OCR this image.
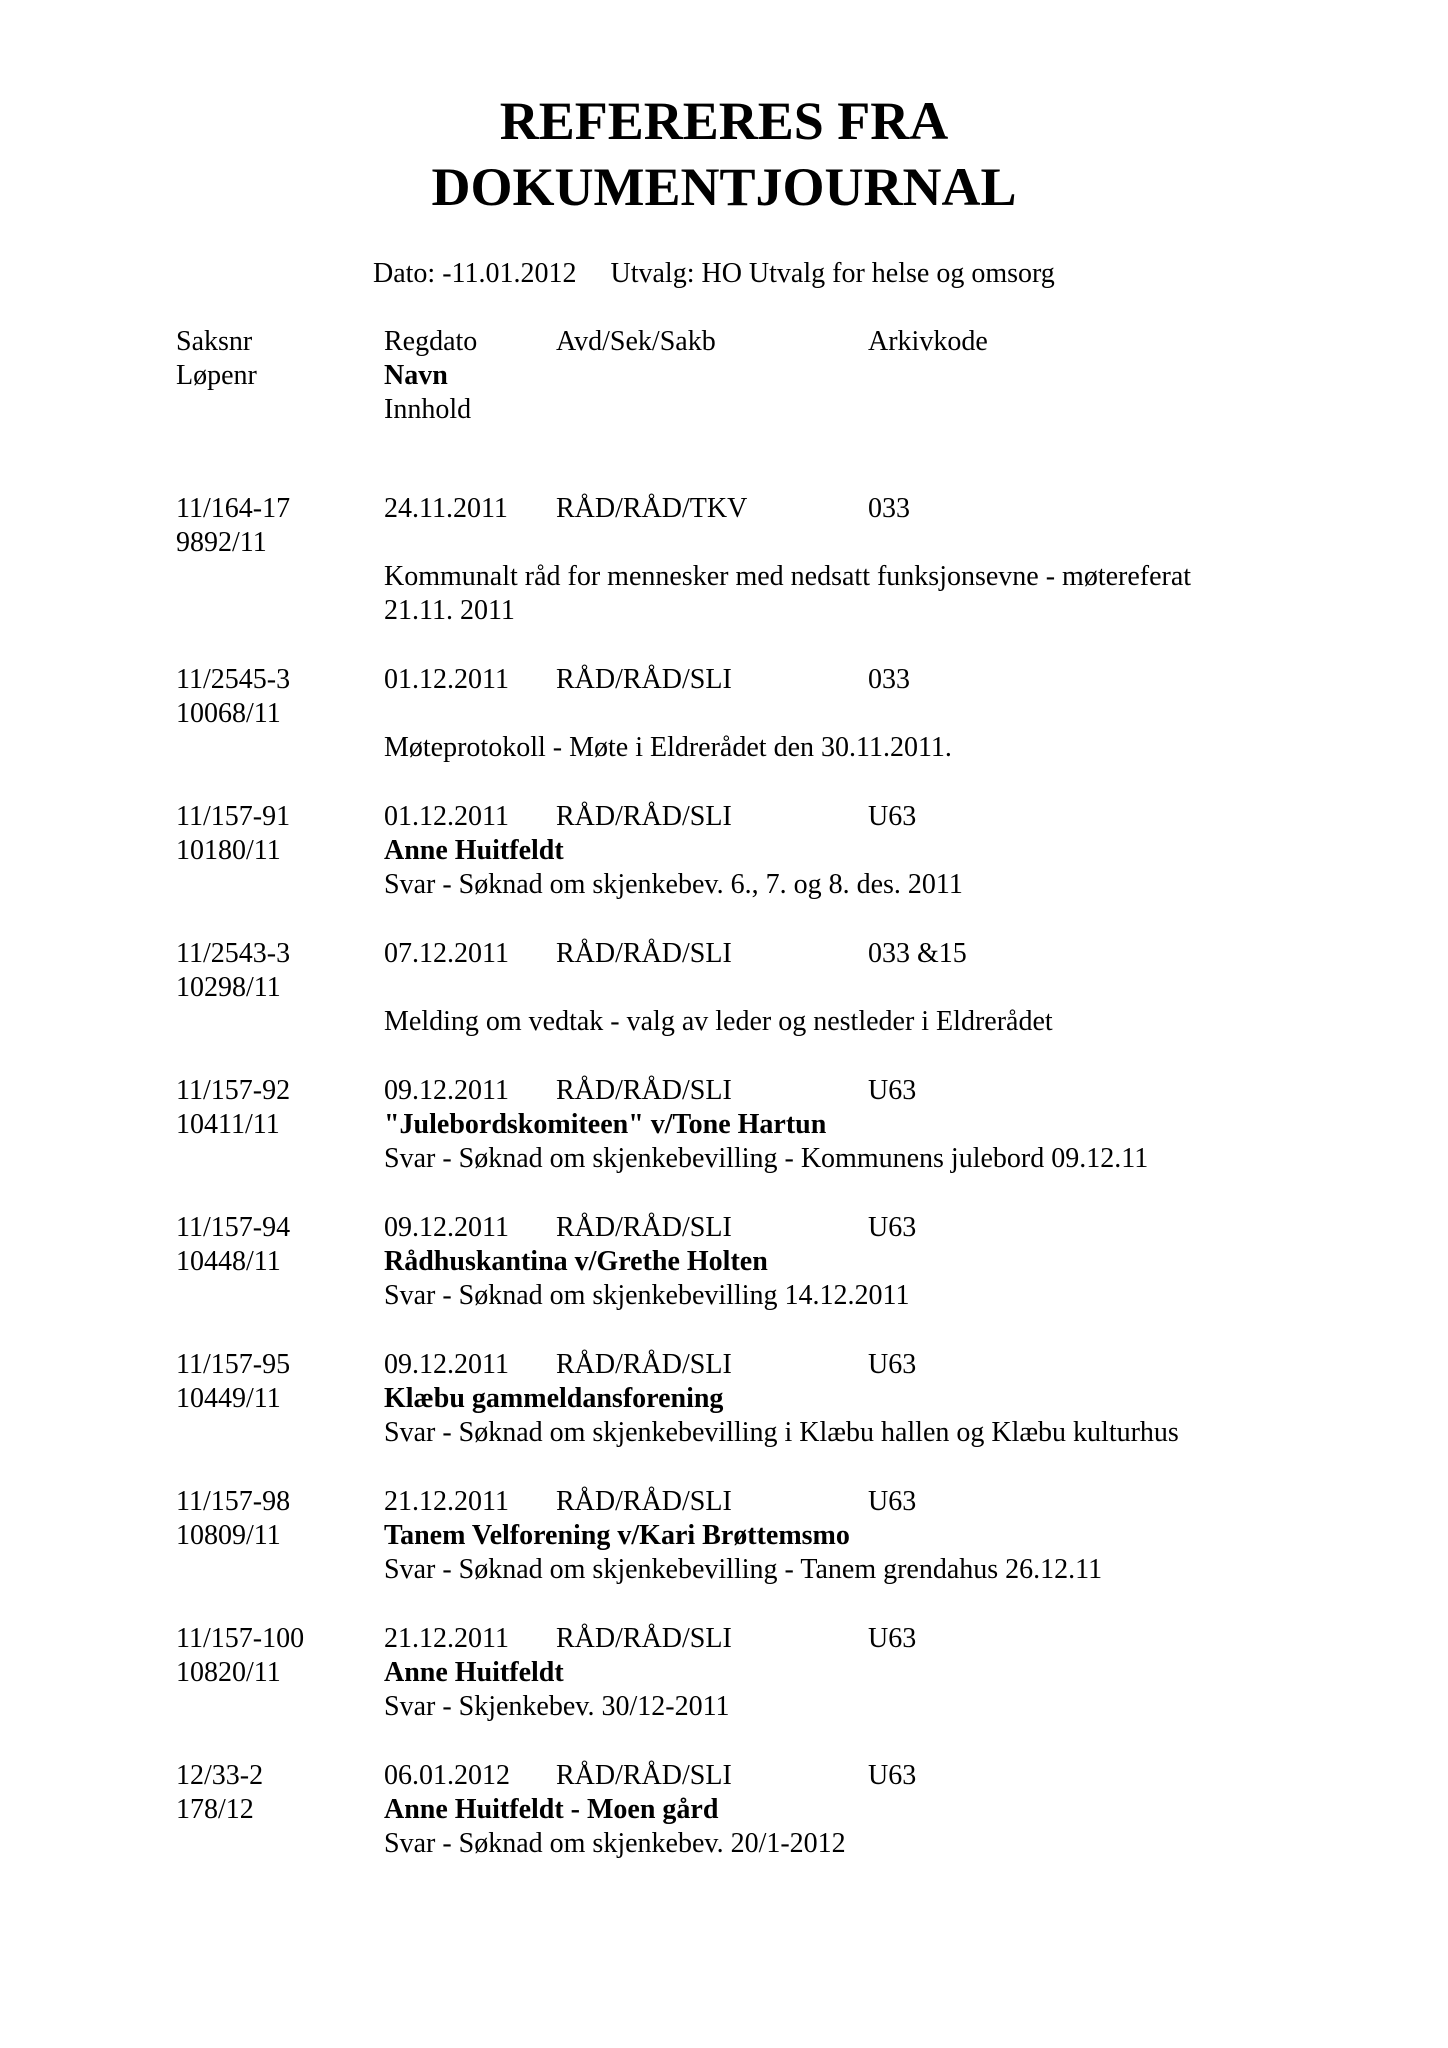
REFERERES FRA
DOKUMENTJOURNAL
Dato: -11.01.2012 Utvalg: HO Utvalg for helse og omsorg
Saksnr	Regdato	Avd/Sek/Sakb	Arkivkode
Løpenr	Navn
Innhold
11/164-17	24.11.2011 RÅD/RÅD/TKV	033
9892/11
Kommunalt råd for mennesker med nedsatt funksjonsevne - møtereferat
21.11. 2011
11/2545-3	01.12.2011 RÅD/RÅD/SLI	033
10068/11
Møteprotokoll - Møte i Eldrerådet den 30.11.2011.
11/157-91	01.12.2011 RÅD/RÅD/SLI	U63
10180/11	Anne Huitfeldt
Svar - Søknad om skjenkebev. 6., 7. og 8. des. 2011
11/2543-3	07.12.2011 RÅD/RÅD/SLI	033 &15
10298/11
Melding om vedtak - valg av leder og nestleder i Eldrerådet
11/157-92	09.12.2011 RÅD/RÅD/SLI	U63
10411/11	"Julebordskomiteen" v/Tone Hartun
Svar - Søknad om skjenkebevilling - Kommunens julebord 09.12.11
11/157-94	09.12.2011 RÅD/RÅD/SLI	U63
10448/11	Rådhuskantina v/Grethe Holten
Svar - Søknad om skjenkebevilling 14.12.2011
11/157-95	09.12.2011 RÅD/RÅD/SLI	U63
10449/11	Klæbu gammeldansforening
Svar - Søknad om skjenkebevilling i Klæbu hallen og Klæbu kulturhus
11/157-98	21.12.2011 RÅD/RÅD/SLI	U63
10809/11	Tanem Velforening v/Kari Brøttemsmo
Svar - Søknad om skjenkebevilling - Tanem grendahus 26.12.11
11/157-100	21.12.2011 RÅD/RÅD/SLI	U63
10820/11	Anne Huitfeldt
Svar - Skjenkebev. 30/12-2011
12/33-2	06.01.2012 RÅD/RÅD/SLI	U63
178/12	Anne Huitfeldt - Moen gård
Svar - Søknad om skjenkebev. 20/1-2012
